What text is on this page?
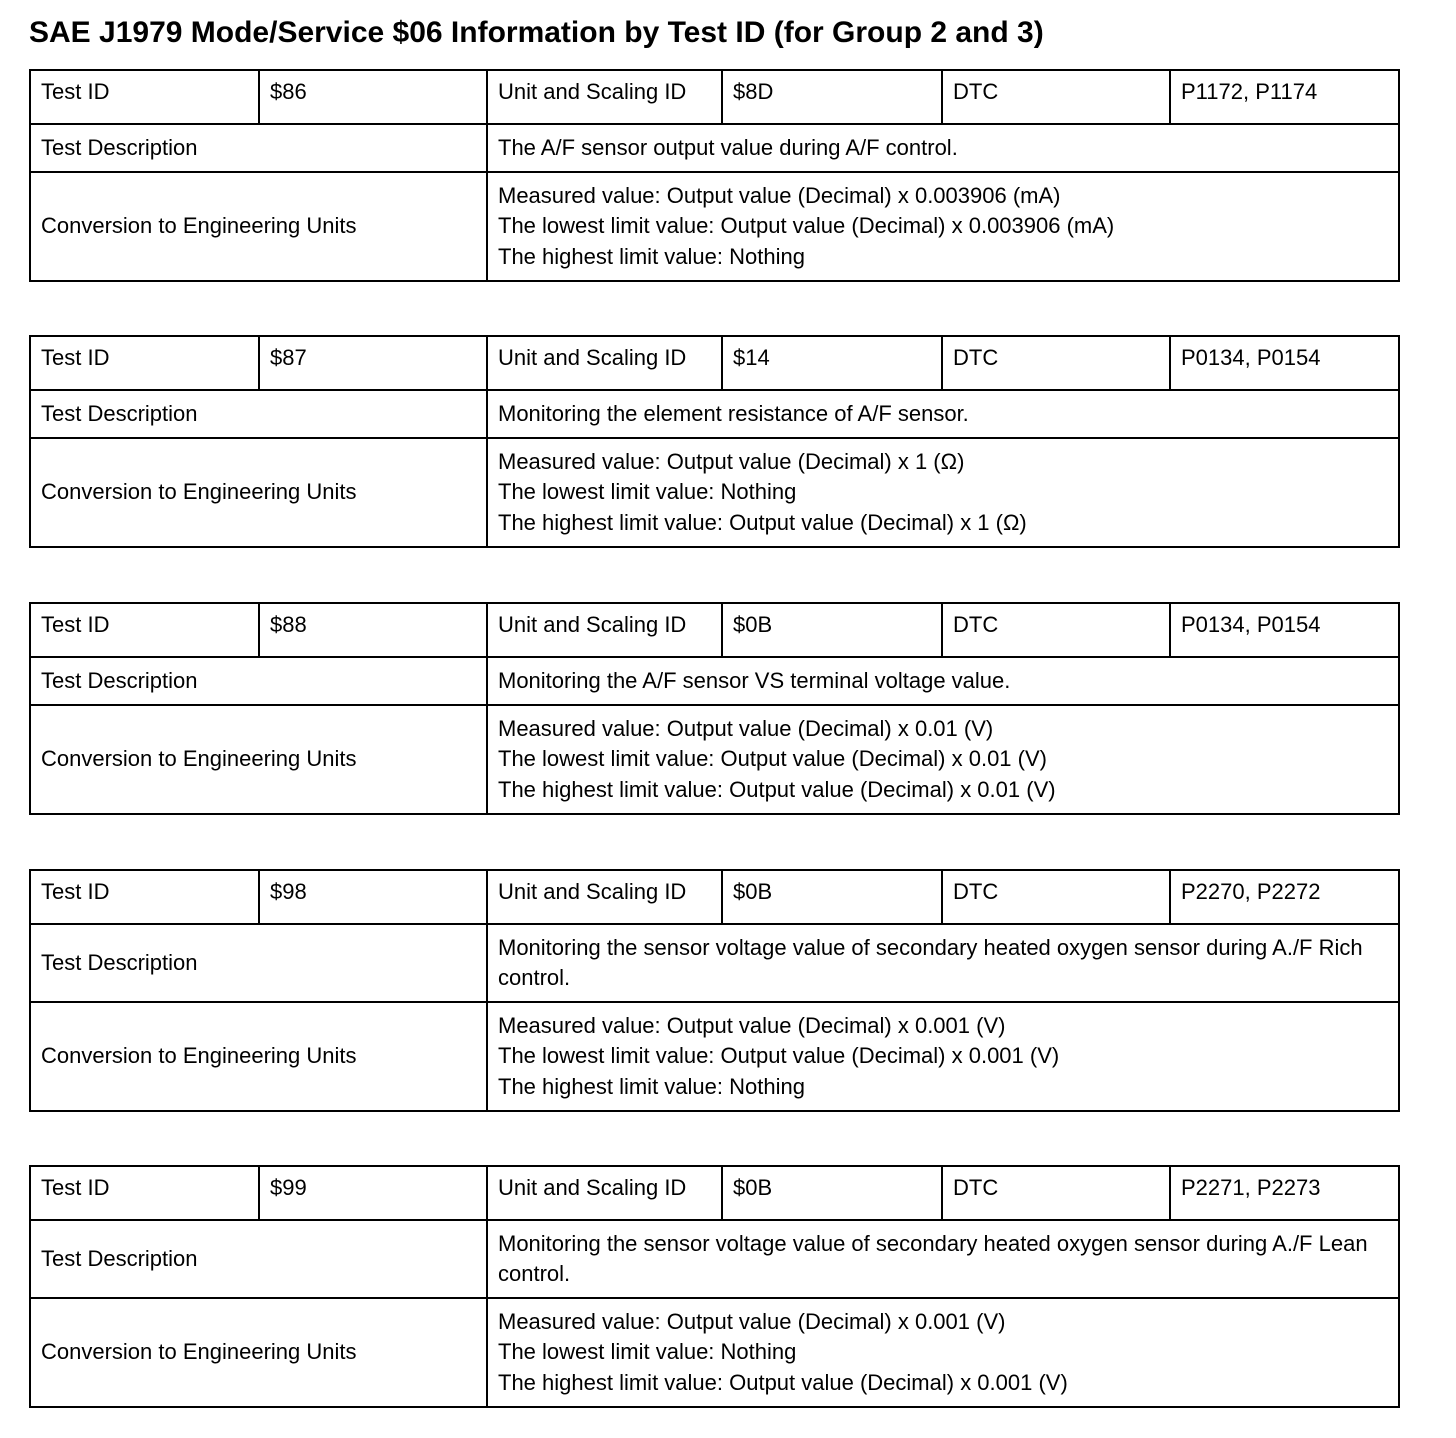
SAE J1979 Mode/Service $06 Information by Test ID (for Group 2 and 3)
Test ID	$86	Unit and Scaling ID	$8D	DTC	P1172, P1174
Test Description		The A/F sensor output value during A/F control.			
Conversion to Engineering Units		Measured value: Output value (Decimal) x 0.003906 (mA)
The lowest limit value: Output value (Decimal) x 0.003906 (mA)
The highest limit value: Nothing			
Test ID	$87	Unit and Scaling ID	$14	DTC	P0134, P0154
Test Description		Monitoring the element resistance of A/F sensor.			
Conversion to Engineering Units		Measured value: Output value (Decimal) x 1 (Ω)
The lowest limit value: Nothing
The highest limit value: Output value (Decimal) x 1 (Ω)			
Test ID	$88	Unit and Scaling ID	$0B	DTC	P0134, P0154
Test Description		Monitoring the A/F sensor VS terminal voltage value.			
Conversion to Engineering Units		Measured value: Output value (Decimal) x 0.01 (V)
The lowest limit value: Output value (Decimal) x 0.01 (V)
The highest limit value: Output value (Decimal) x 0.01 (V)			
Test ID	$98	Unit and Scaling ID	$0B	DTC	P2270, P2272
Test Description		Monitoring the sensor voltage value of secondary heated oxygen sensor during A./F Rich control.			
Conversion to Engineering Units		Measured value: Output value (Decimal) x 0.001 (V)
The lowest limit value: Output value (Decimal) x 0.001 (V)
The highest limit value: Nothing			
Test ID	$99	Unit and Scaling ID	$0B	DTC	P2271, P2273
Test Description		Monitoring the sensor voltage value of secondary heated oxygen sensor during A./F Lean control.			
Conversion to Engineering Units		Measured value: Output value (Decimal) x 0.001 (V)
The lowest limit value: Nothing
The highest limit value: Output value (Decimal) x 0.001 (V)			
